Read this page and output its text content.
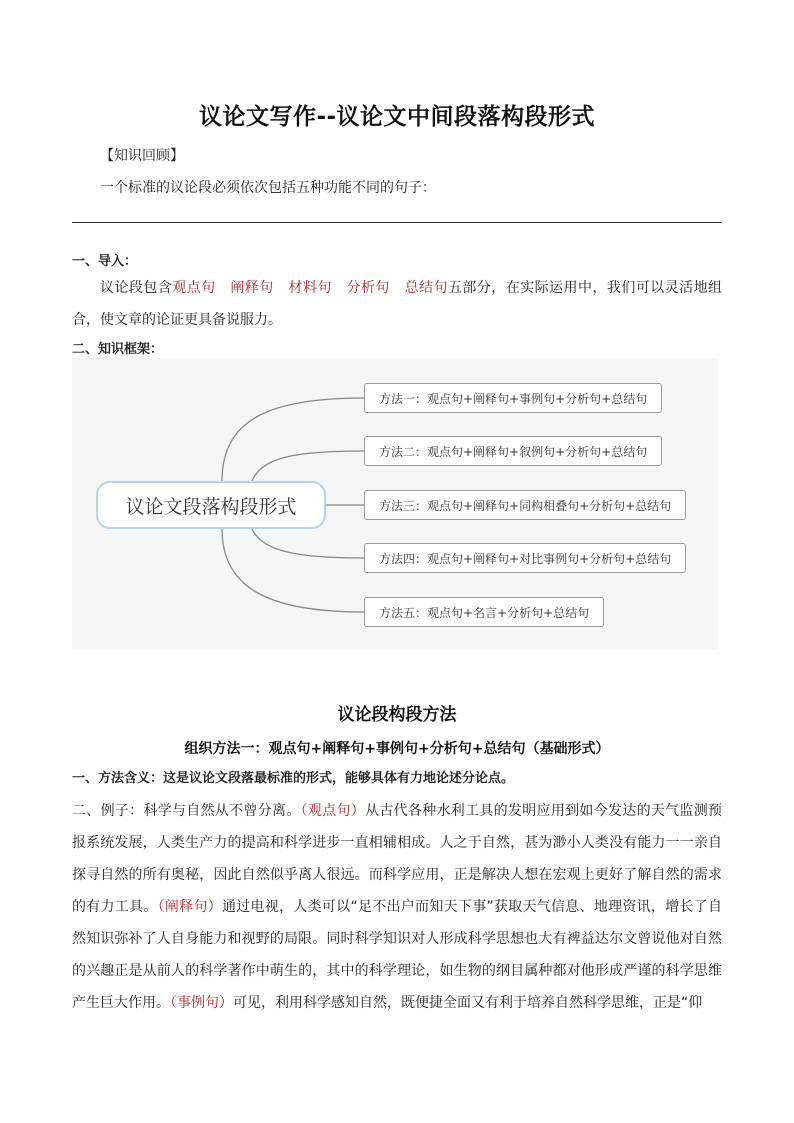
议论文写作--议论文中间段落构段形式
【知识回顾】
一个标准的议论段必须依次包括五种功能不同的句子：
一、导入：
议论段包含观点句 阐释句 材料句 分析句 总结句五部分，在实际运用中，我们可以灵活地组合，使文章的论证更具备说服力。
二、知识框架：
议论文段落构段形式
方法一：观点句+阐释句+事例句+分析句+总结句
方法二：观点句+阐释句+叙例句+分析句+总结句
方法三：观点句+阐释句+同构相叠句+分析句+总结句
方法四：观点句+阐释句+对比事例句+分析句+总结句
方法五：观点句+名言+分析句+总结句
议论段构段方法
组织方法一：观点句+阐释句+事例句+分析句+总结句（基础形式）
一、方法含义：这是议论文段落最标准的形式，能够具体有力地论述分论点。
二、例子：科学与自然从不曾分离。（观点句）从古代各种水利工具的发明应用到如今发达的天气监测预报系统发展，人类生产力的提高和科学进步一直相辅相成。人之于自然，甚为渺小人类没有能力一一亲自探寻自然的所有奥秘，因此自然似乎离人很远。而科学应用，正是解决人想在宏观上更好了解自然的需求的有力工具。（阐释句）通过电视，人类可以“足不出户而知天下事”获取天气信息、地理资讯，增长了自然知识弥补了人自身能力和视野的局限。同时科学知识对人形成科学思想也大有裨益达尔文曾说他对自然的兴趣正是从前人的科学著作中萌生的，其中的科学理论，如生物的纲目属种都对他形成严谨的科学思维产生巨大作用。（事例句）可见，利用科学感知自然，既便捷全面又有利于培养自然科学思维，正是“仰
